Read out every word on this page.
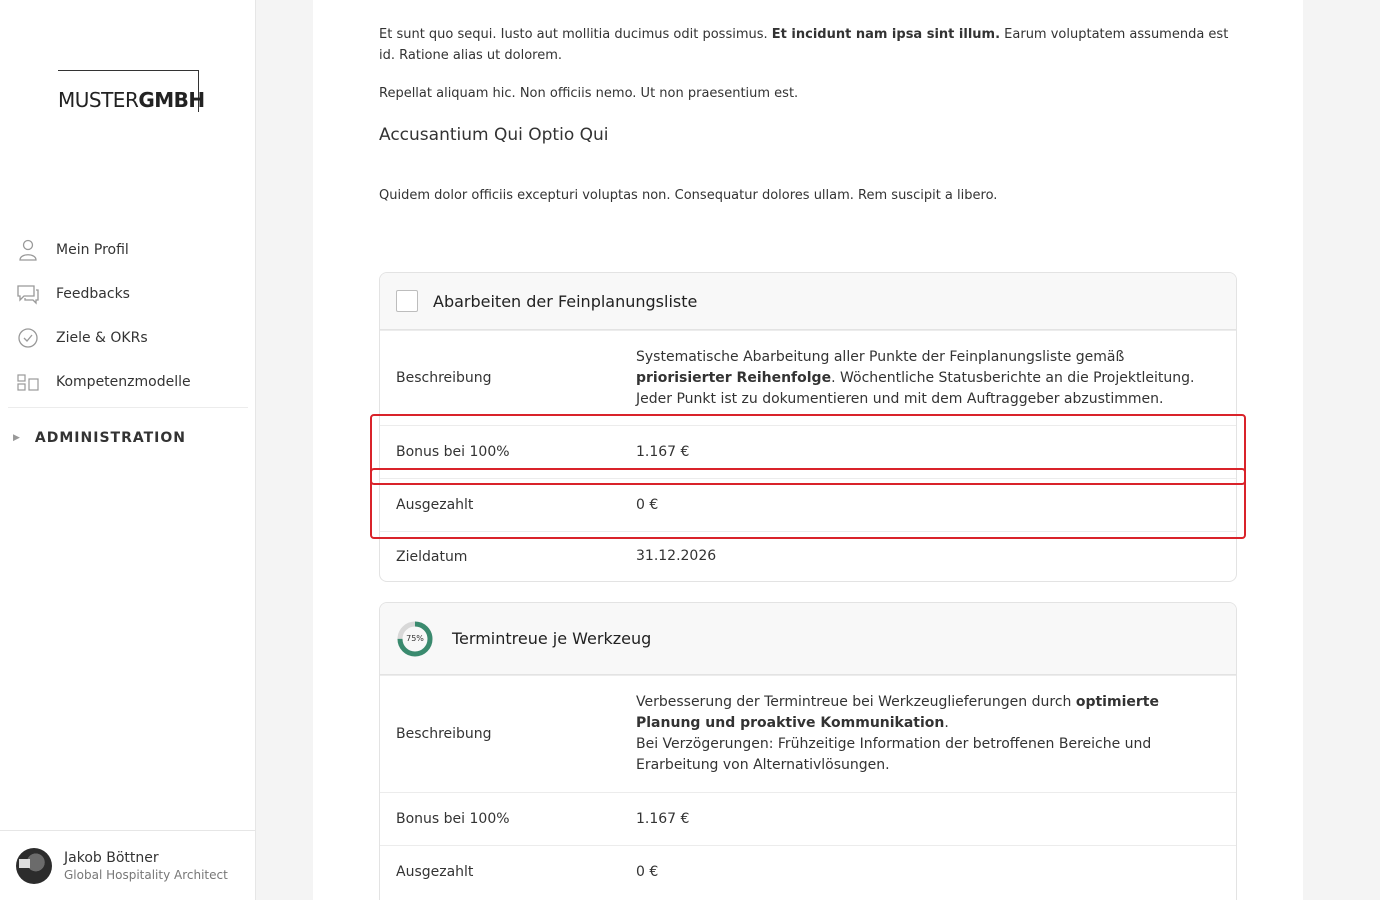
MUSTERGMBH
Mein Profil
Feedbacks
Ziele & OKRs
Kompetenzmodelle
▶ ADMINISTRATION
Jakob Böttner
Global Hospitality Architect
Et sunt quo sequi. Iusto aut mollitia ducimus odit possimus. Et incidunt nam ipsa sint illum. Earum voluptatem assumenda est id. Ratione alias ut dolorem.
Repellat aliquam hic. Non officiis nemo. Ut non praesentium est.
Accusantium Qui Optio Qui
Quidem dolor officiis excepturi voluptas non. Consequatur dolores ullam. Rem suscipit a libero.
Abarbeiten der Feinplanungsliste
Beschreibung
Systematische Abarbeitung aller Punkte der Feinplanungsliste gemäß priorisierter Reihenfolge. Wöchentliche Statusberichte an die Projektleitung.
Jeder Punkt ist zu dokumentieren und mit dem Auftraggeber abzustimmen.
Bonus bei 100%	1.167 €
Ausgezahlt	0 €
Zieldatum	31.12.2026
75%	Termintreue je Werkzeug
Beschreibung
Verbesserung der Termintreue bei Werkzeuglieferungen durch optimierte Planung und proaktive Kommunikation.
Bei Verzögerungen: Frühzeitige Information der betroffenen Bereiche und Erarbeitung von Alternativlösungen.
Bonus bei 100%	1.167 €
Ausgezahlt	0 €
